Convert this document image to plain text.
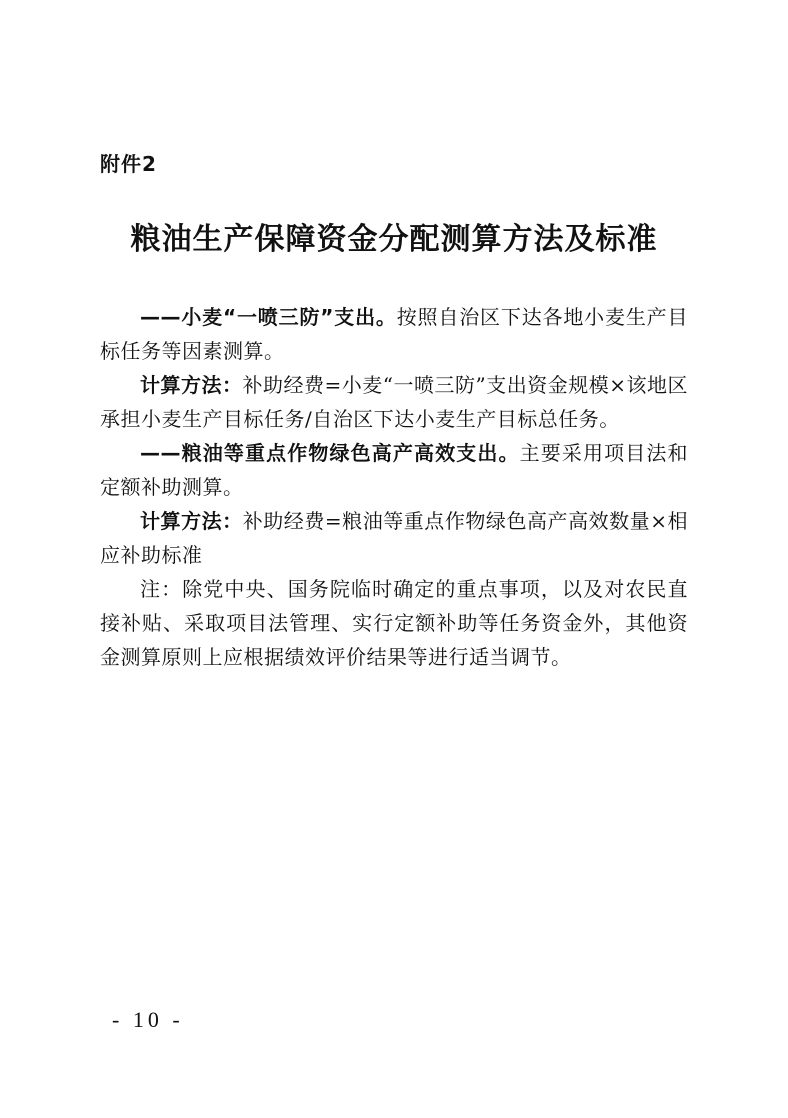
附件2
粮油生产保障资金分配测算方法及标准

——小麦“一喷三防”支出。按照自治区下达各地小麦生产目标任务等因素测算。

计算方法：补助经费=小麦“一喷三防”支出资金规模×该地区承担小麦生产目标任务/自治区下达小麦生产目标总任务。

——粮油等重点作物绿色高产高效支出。主要采用项目法和定额补助测算。

计算方法：补助经费=粮油等重点作物绿色高产高效数量×相应补助标准

注：除党中央、国务院临时确定的重点事项，以及对农民直接补贴、采取项目法管理、实行定额补助等任务资金外，其他资金测算原则上应根据绩效评价结果等进行适当调节。

- 10 -
